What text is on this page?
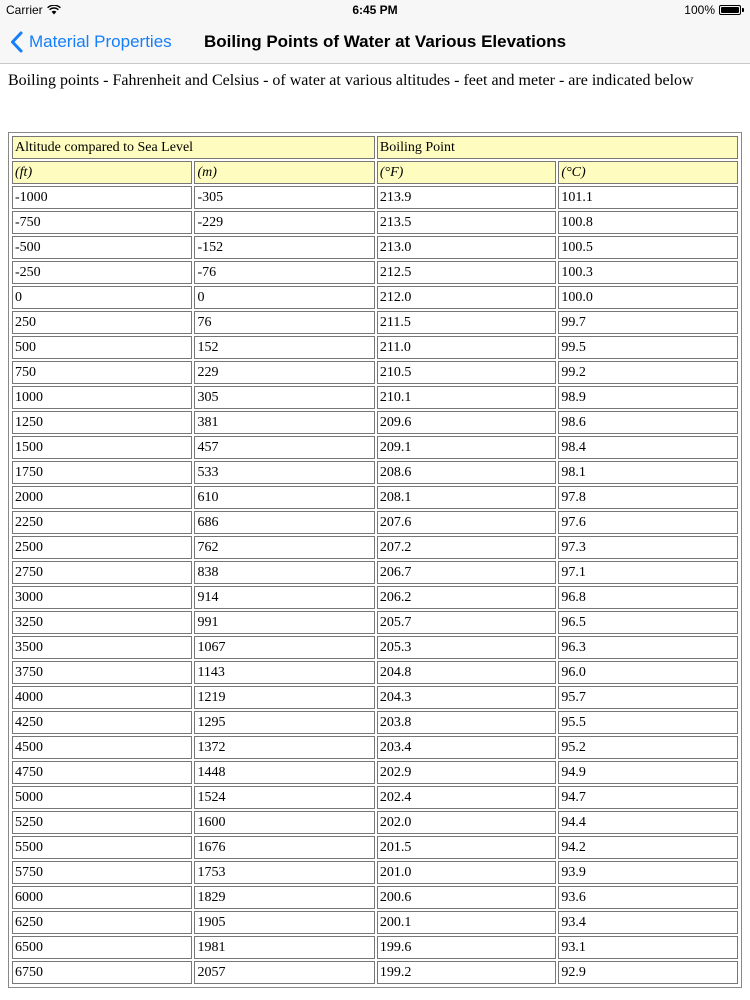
Carrier	6:45 PM	100%
Material Properties Boiling Points of Water at Various Elevations

Boiling points - Fahrenheit and Celsius - of water at various altitudes - feet and meter - are indicated below

Altitude compared to Sea Level		Boiling Point	
(ft)	(m)	(°F)	(°C)
-1000	-305	213.9	101.1
-750	-229	213.5	100.8
-500	-152	213.0	100.5
-250	-76	212.5	100.3
0	0	212.0	100.0
250	76	211.5	99.7
500	152	211.0	99.5
750	229	210.5	99.2
1000	305	210.1	98.9
1250	381	209.6	98.6
1500	457	209.1	98.4
1750	533	208.6	98.1
2000	610	208.1	97.8
2250	686	207.6	97.6
2500	762	207.2	97.3
2750	838	206.7	97.1
3000	914	206.2	96.8
3250	991	205.7	96.5
3500	1067	205.3	96.3
3750	1143	204.8	96.0
4000	1219	204.3	95.7
4250	1295	203.8	95.5
4500	1372	203.4	95.2
4750	1448	202.9	94.9
5000	1524	202.4	94.7
5250	1600	202.0	94.4
5500	1676	201.5	94.2
5750	1753	201.0	93.9
6000	1829	200.6	93.6
6250	1905	200.1	93.4
6500	1981	199.6	93.1
6750	2057	199.2	92.9
